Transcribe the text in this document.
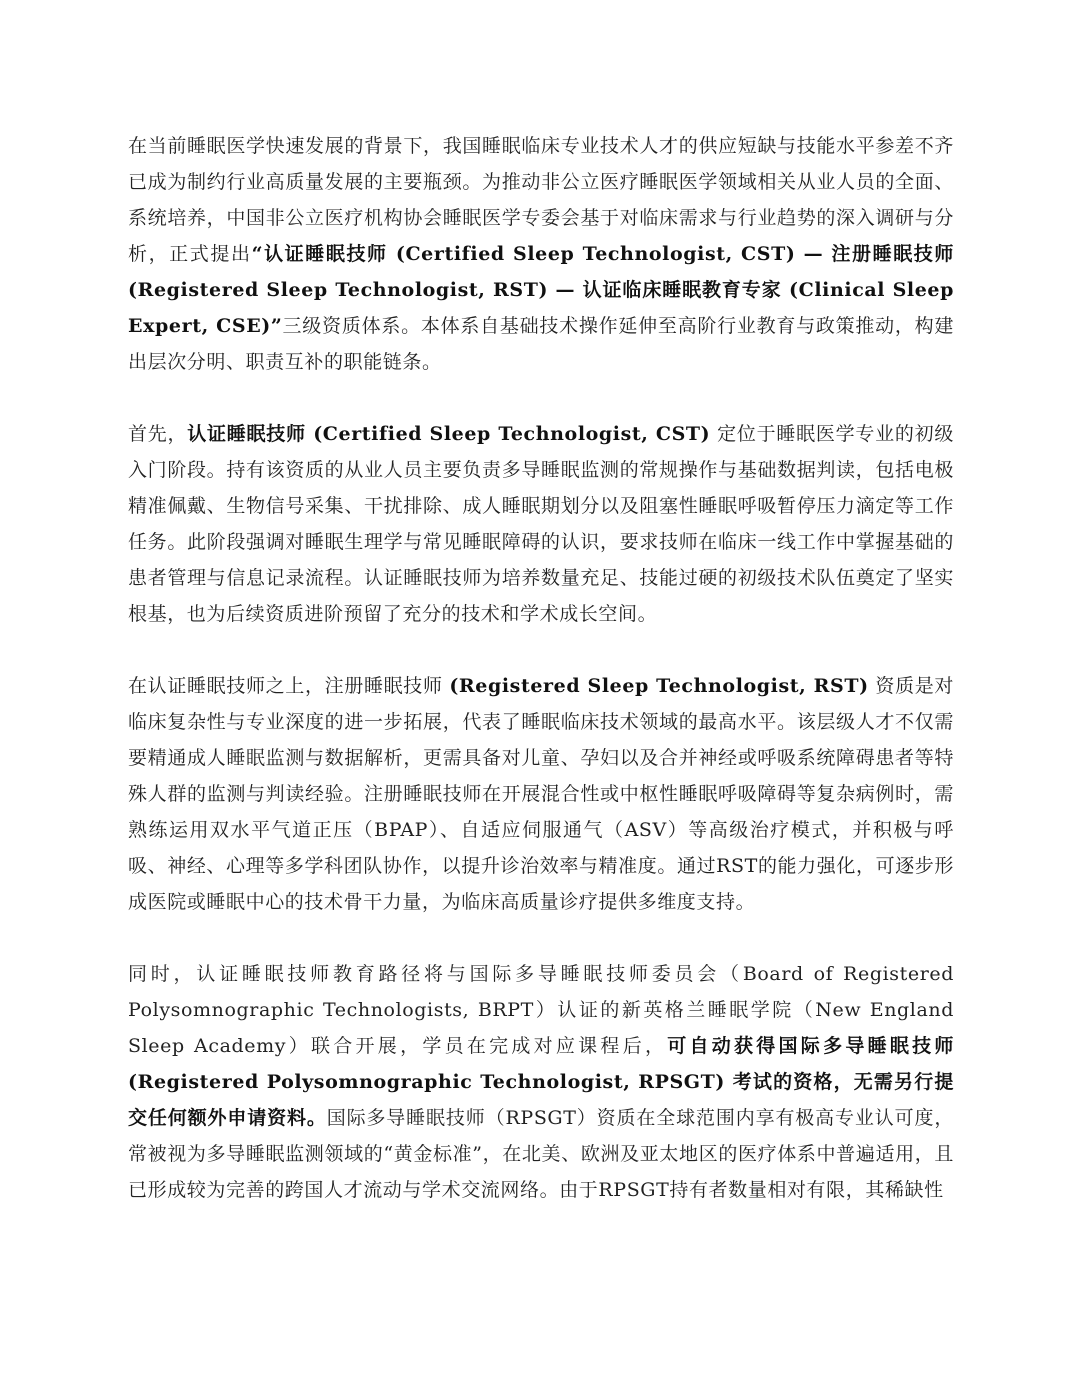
在当前睡眠医学快速发展的背景下，我国睡眠临床专业技术人才的供应短缺与技能水平参差不齐已成为制约行业高质量发展的主要瓶颈。为推动非公立医疗睡眠医学领域相关从业人员的全面、系统培养，中国非公立医疗机构协会睡眠医学专委会基于对临床需求与行业趋势的深入调研与分析，正式提出“认证睡眠技师 (Certified Sleep Technologist, CST) — 注册睡眠技师 (Registered Sleep Technologist, RST) — 认证临床睡眠教育专家 (Clinical Sleep Expert, CSE)”三级资质体系。本体系自基础技术操作延伸至高阶行业教育与政策推动，构建出层次分明、职责互补的职能链条。

首先，认证睡眠技师 (Certified Sleep Technologist, CST) 定位于睡眠医学专业的初级入门阶段。持有该资质的从业人员主要负责多导睡眠监测的常规操作与基础数据判读，包括电极精准佩戴、生物信号采集、干扰排除、成人睡眠期划分以及阻塞性睡眠呼吸暂停压力滴定等工作任务。此阶段强调对睡眠生理学与常见睡眠障碍的认识，要求技师在临床一线工作中掌握基础的患者管理与信息记录流程。认证睡眠技师为培养数量充足、技能过硬的初级技术队伍奠定了坚实根基，也为后续资质进阶预留了充分的技术和学术成长空间。

在认证睡眠技师之上，注册睡眠技师 (Registered Sleep Technologist, RST) 资质是对临床复杂性与专业深度的进一步拓展，代表了睡眠临床技术领域的最高水平。该层级人才不仅需要精通成人睡眠监测与数据解析，更需具备对儿童、孕妇以及合并神经或呼吸系统障碍患者等特殊人群的监测与判读经验。注册睡眠技师在开展混合性或中枢性睡眠呼吸障碍等复杂病例时，需熟练运用双水平气道正压（BPAP）、自适应伺服通气（ASV）等高级治疗模式，并积极与呼吸、神经、心理等多学科团队协作，以提升诊治效率与精准度。通过RST的能力强化，可逐步形成医院或睡眠中心的技术骨干力量，为临床高质量诊疗提供多维度支持。

同时，认证睡眠技师教育路径将与国际多导睡眠技师委员会（Board of Registered Polysomnographic Technologists, BRPT）认证的新英格兰睡眠学院（New England Sleep Academy）联合开展，学员在完成对应课程后，可自动获得国际多导睡眠技师 (Registered Polysomnographic Technologist, RPSGT) 考试的资格，无需另行提交任何额外申请资料。国际多导睡眠技师（RPSGT）资质在全球范围内享有极高专业认可度，常被视为多导睡眠监测领域的“黄金标准”，在北美、欧洲及亚太地区的医疗体系中普遍适用，且已形成较为完善的跨国人才流动与学术交流网络。由于RPSGT持有者数量相对有限，其稀缺性
